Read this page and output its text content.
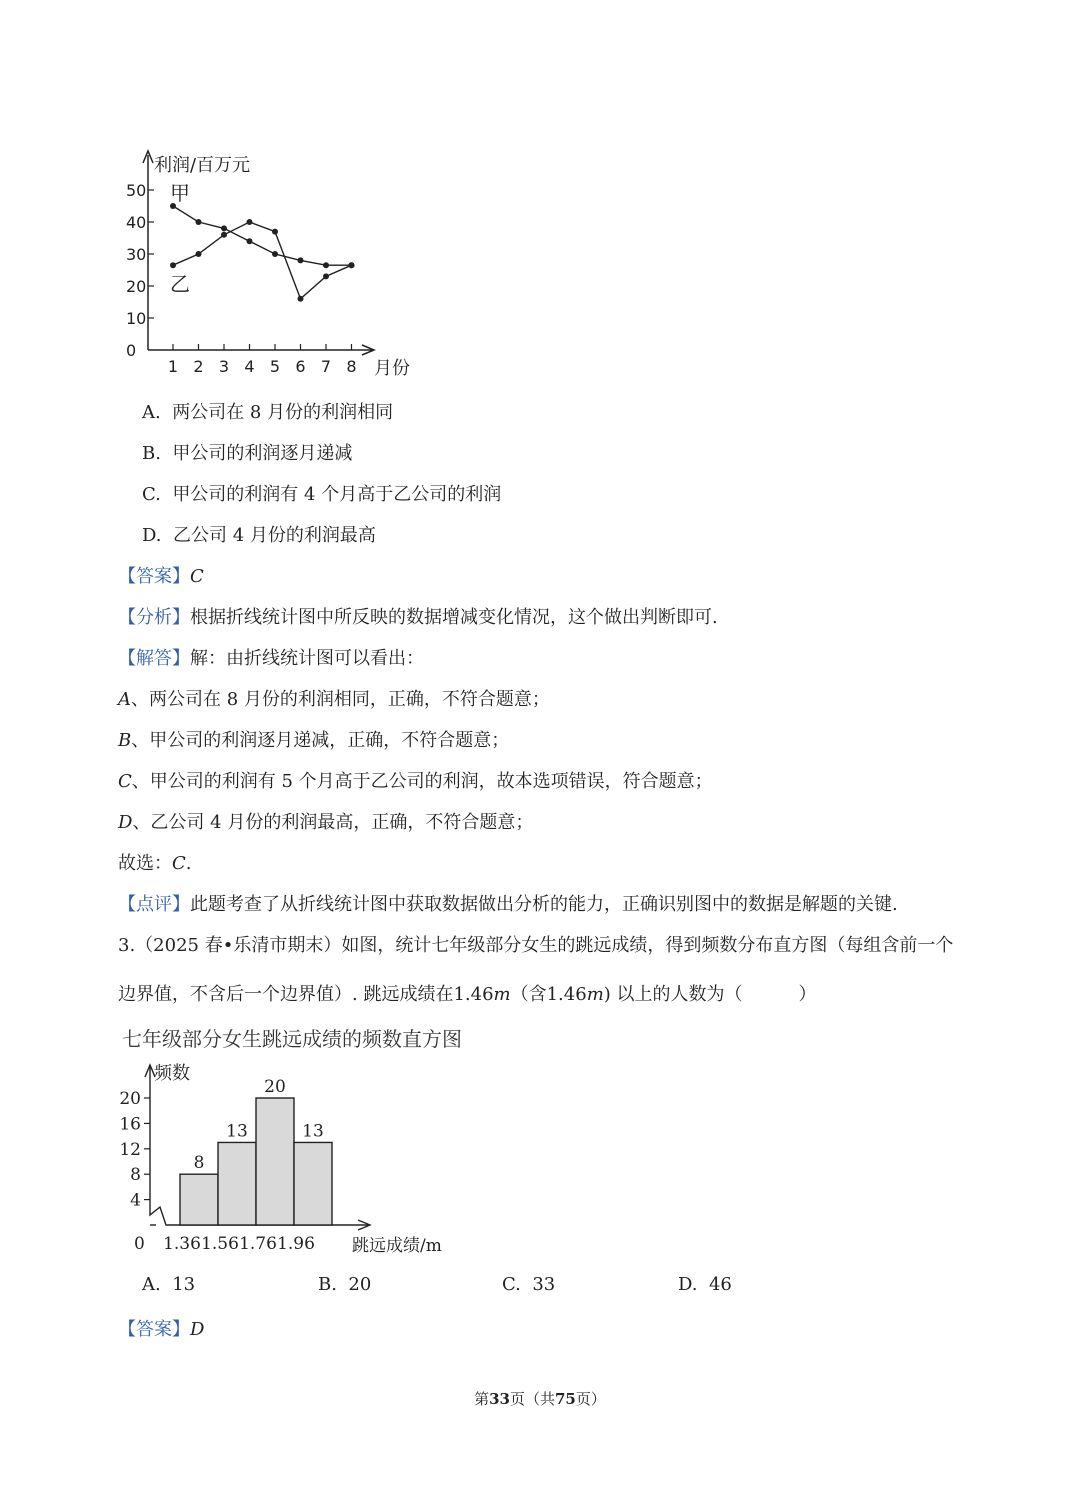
利润/百万元
月份
0
10
20
30
40
50
1 2 3 4 5 6 7 8
甲
乙
A. 两公司在 8 月份的利润相同
B. 甲公司的利润逐月递减
C. 甲公司的利润有 4 个月高于乙公司的利润
D. 乙公司 4 月份的利润最高
【答案】C
【分析】根据折线统计图中所反映的数据增减变化情况，这个做出判断即可.
【解答】解：由折线统计图可以看出：
A、两公司在 8 月份的利润相同，正确，不符合题意；
B、甲公司的利润逐月递减，正确，不符合题意；
C、甲公司的利润有 5 个月高于乙公司的利润，故本选项错误，符合题意；
D、乙公司 4 月份的利润最高，正确，不符合题意；
故选：C.
【点评】此题考查了从折线统计图中获取数据做出分析的能力，正确识别图中的数据是解题的关键.
3.（2025 春•乐清市期末）如图，统计七年级部分女生的跳远成绩，得到频数分布直方图（每组含前一个
边界值，不含后一个边界值）. 跳远成绩在1.46m（含1.46m) 以上的人数为（	）
七年级部分女生跳远成绩的频数直方图
频数
0	跳远成绩/m
4
8
12
16
20
8
13
20
13
1.36 1.56 1.76 1.96
A. 13	B. 20	C. 33	D. 46
【答案】D
第33页（共75页）
